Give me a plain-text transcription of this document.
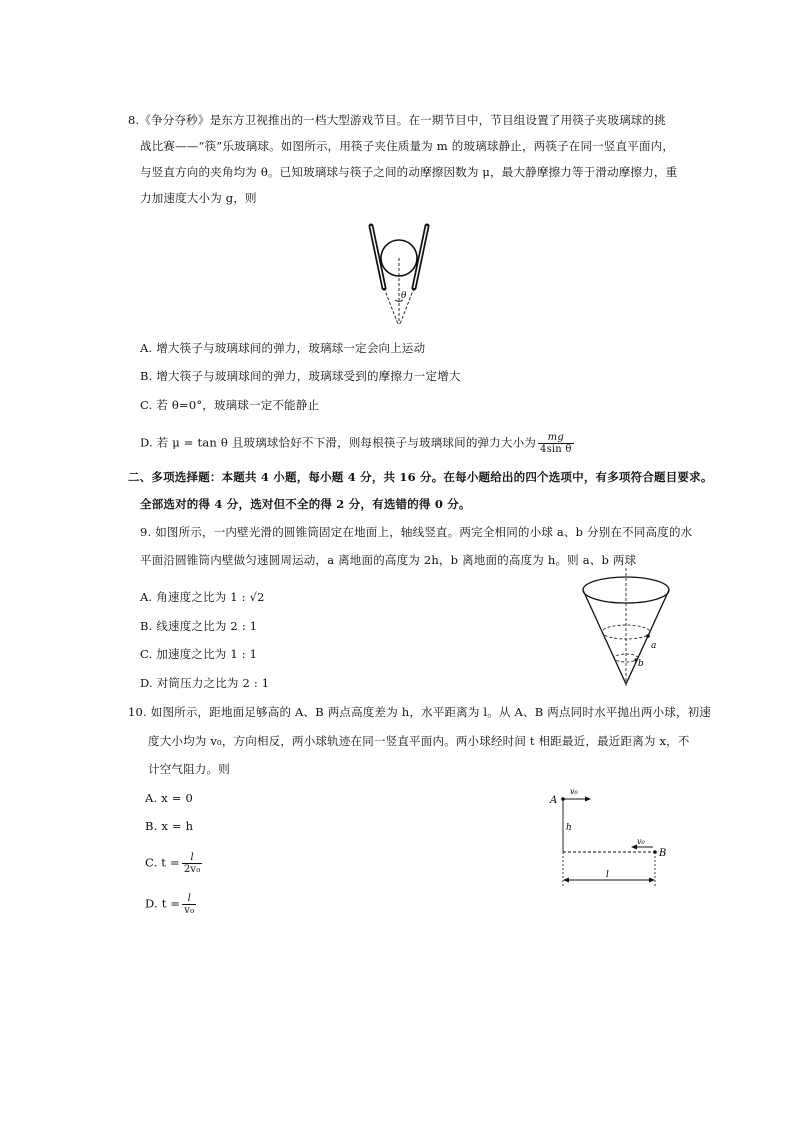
8.《争分夺秒》是东方卫视推出的一档大型游戏节目。在一期节目中，节目组设置了用筷子夹玻璃球的挑
战比赛——“筷”乐玻璃球。如图所示，用筷子夹住质量为 m 的玻璃球静止，两筷子在同一竖直平面内，
与竖直方向的夹角均为 θ。已知玻璃球与筷子之间的动摩擦因数为 μ，最大静摩擦力等于滑动摩擦力，重
力加速度大小为 g，则
θ
A. 增大筷子与玻璃球间的弹力，玻璃球一定会向上运动
B. 增大筷子与玻璃球间的弹力，玻璃球受到的摩擦力一定增大
C. 若 θ=0°，玻璃球一定不能静止
D. 若 μ = tan θ 且玻璃球恰好不下滑，则每根筷子与玻璃球间的弹力大小为 $\frac{mg}{\text{4sin θ}}$
二、多项选择题：本题共 4 小题，每小题 4 分，共 16 分。在每小题给出的四个选项中，有多项符合题目要求。
全部选对的得 4 分，选对但不全的得 2 分，有选错的得 0 分。
9. 如图所示，一内壁光滑的圆锥筒固定在地面上，轴线竖直。两完全相同的小球 a、b 分别在不同高度的水
平面沿圆锥筒内壁做匀速圆周运动，a 离地面的高度为 2h，b 离地面的高度为 h。则 a、b 两球
A. 角速度之比为 1 : √2
B. 线速度之比为 2 : 1
C. 加速度之比为 1 : 1
D. 对筒压力之比为 2 : 1
a
b
10. 如图所示，距地面足够高的 A、B 两点高度差为 h，水平距离为 l。从 A、B 两点同时水平抛出两小球，初速
度大小均为 v₀，方向相反，两小球轨迹在同一竖直平面内。两小球经时间 t 相距最近，最近距离为 x，不
计空气阻力。则
A. x = 0
B. x = h
C. $t = \frac{l}{\text{2v₀}}$
D. $t = \frac{l}{\text{v₀}}$
A
v₀
h
B
v₀
l
